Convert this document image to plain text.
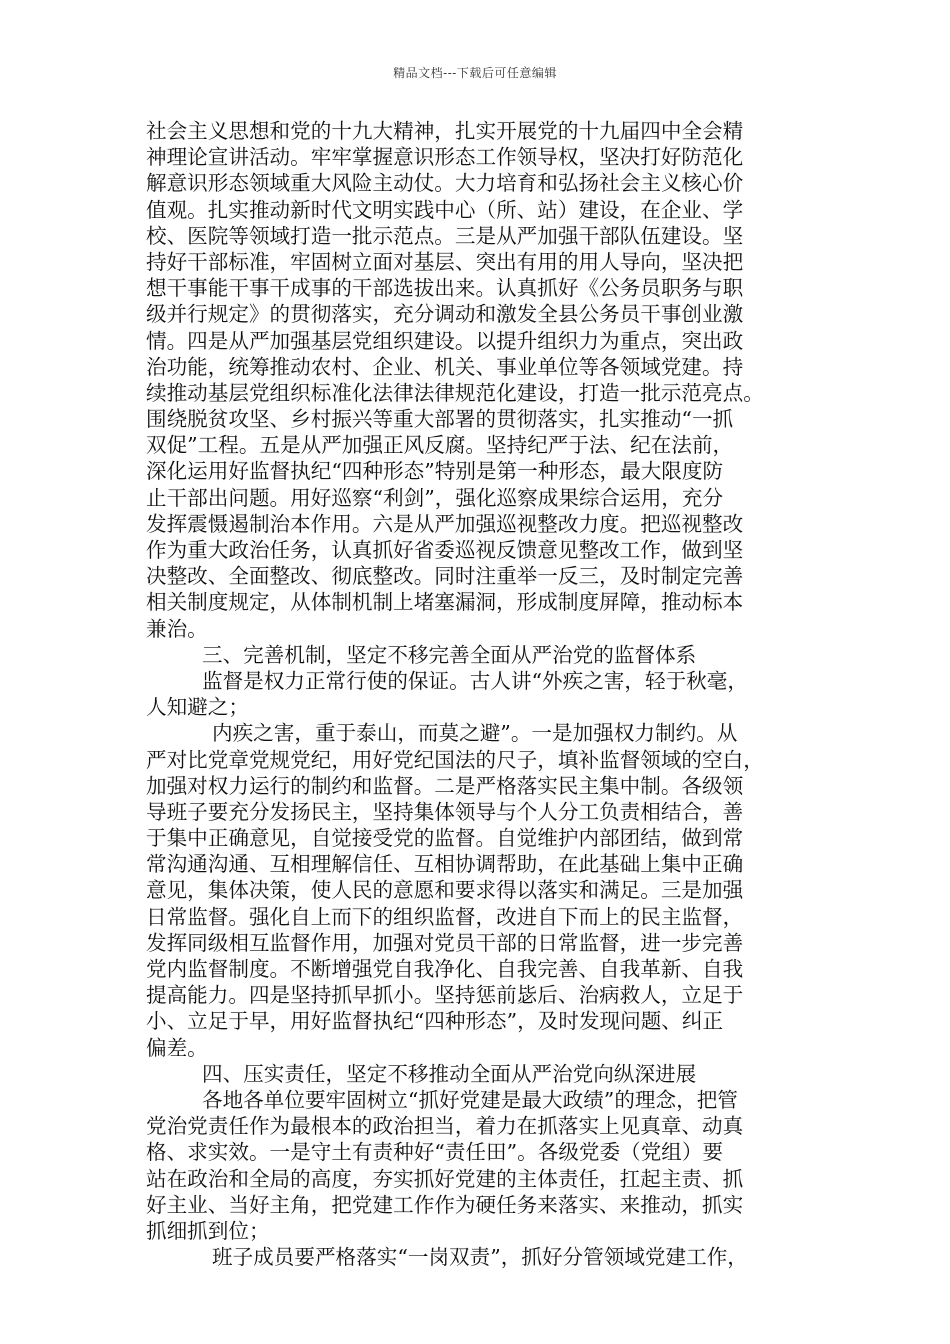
精品文档---下载后可任意编辑
社会主义思想和党的十九大精神，扎实开展党的十九届四中全会精
神理论宣讲活动。牢牢掌握意识形态工作领导权，坚决打好防范化
解意识形态领域重大风险主动仗。大力培育和弘扬社会主义核心价
值观。扎实推动新时代文明实践中心（所、站）建设，在企业、学
校、医院等领域打造一批示范点。三是从严加强干部队伍建设。坚
持好干部标准，牢固树立面对基层、突出有用的用人导向，坚决把
想干事能干事干成事的干部选拔出来。认真抓好《公务员职务与职
级并行规定》的贯彻落实，充分调动和激发全县公务员干事创业激
情。四是从严加强基层党组织建设。以提升组织力为重点，突出政
治功能，统筹推动农村、企业、机关、事业单位等各领域党建。持
续推动基层党组织标准化法律法律规范化建设，打造一批示范亮点。
围绕脱贫攻坚、乡村振兴等重大部署的贯彻落实，扎实推动“一抓
双促”工程。五是从严加强正风反腐。坚持纪严于法、纪在法前，
深化运用好监督执纪“四种形态”特别是第一种形态，最大限度防
止干部出问题。用好巡察“利剑”，强化巡察成果综合运用，充分
发挥震慑遏制治本作用。六是从严加强巡视整改力度。把巡视整改
作为重大政治任务，认真抓好省委巡视反馈意见整改工作，做到坚
决整改、全面整改、彻底整改。同时注重举一反三，及时制定完善
相关制度规定，从体制机制上堵塞漏洞，形成制度屏障，推动标本
兼治。
三、完善机制，坚定不移完善全面从严治党的监督体系
监督是权力正常行使的保证。古人讲“外疾之害，轻于秋毫，
人知避之；
内疾之害，重于泰山，而莫之避”。一是加强权力制约。从
严对比党章党规党纪，用好党纪国法的尺子，填补监督领域的空白，
加强对权力运行的制约和监督。二是严格落实民主集中制。各级领
导班子要充分发扬民主，坚持集体领导与个人分工负责相结合，善
于集中正确意见，自觉接受党的监督。自觉维护内部团结，做到常
常沟通沟通、互相理解信任、互相协调帮助，在此基础上集中正确
意见，集体决策，使人民的意愿和要求得以落实和满足。三是加强
日常监督。强化自上而下的组织监督，改进自下而上的民主监督，
发挥同级相互监督作用，加强对党员干部的日常监督，进一步完善
党内监督制度。不断增强党自我净化、自我完善、自我革新、自我
提高能力。四是坚持抓早抓小。坚持惩前毖后、治病救人，立足于
小、立足于早，用好监督执纪“四种形态”，及时发现问题、纠正
偏差。
四、压实责任，坚定不移推动全面从严治党向纵深进展
各地各单位要牢固树立“抓好党建是最大政绩”的理念，把管
党治党责任作为最根本的政治担当，着力在抓落实上见真章、动真
格、求实效。一是守土有责种好“责任田”。各级党委（党组）要
站在政治和全局的高度，夯实抓好党建的主体责任，扛起主责、抓
好主业、当好主角，把党建工作作为硬任务来落实、来推动，抓实
抓细抓到位；
班子成员要严格落实“一岗双责”，抓好分管领域党建工作，
